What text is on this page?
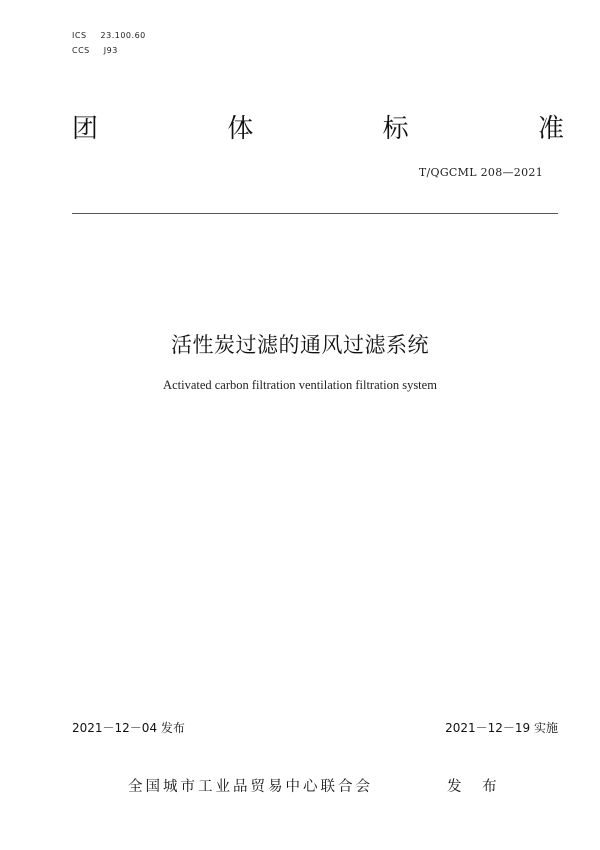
ICS 23.100.60
CCS J93
团	体	标	准
T/QGCML 208—2021
活性炭过滤的通风过滤系统
Activated carbon filtration ventilation filtration system
2021－12－04 发布	2021－12－19 实施
全国城市工业品贸易中心联合会	发 布
